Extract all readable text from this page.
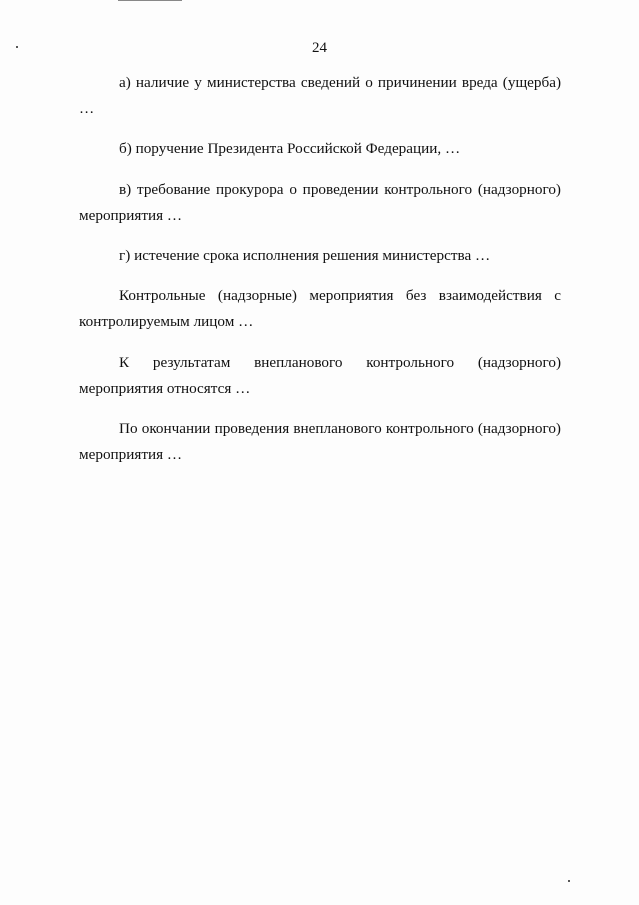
24

а) наличие у министерства сведений о причинении вреда (ущерба) …

б) поручение Президента Российской Федерации, …

в) требование прокурора о проведении контрольного (надзорного) мероприятия …

г) истечение срока исполнения решения министерства …

Контрольные (надзорные) мероприятия без взаимодействия с контролируемым лицом …

К результатам внепланового контрольного (надзорного) мероприятия относятся …

По окончании проведения внепланового контрольного (надзорного) мероприятия …
